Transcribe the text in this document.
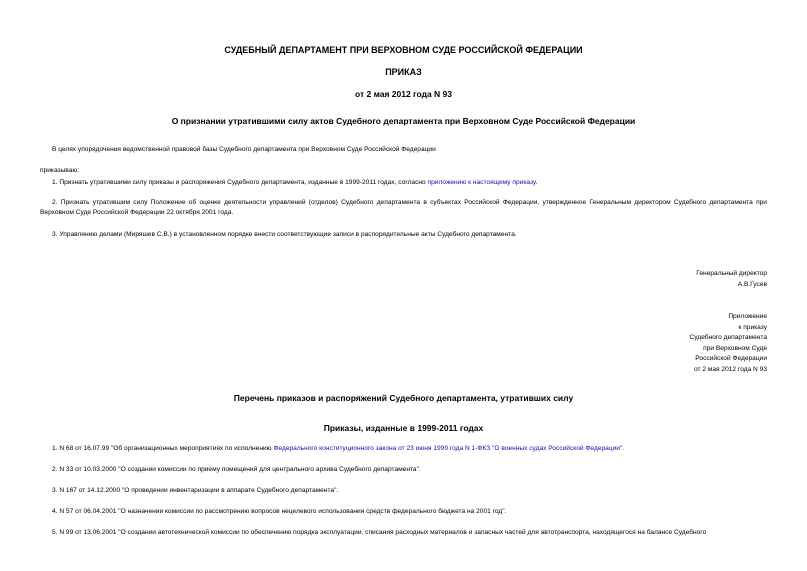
СУДЕБНЫЙ ДЕПАРТАМЕНТ ПРИ ВЕРХОВНОМ СУДЕ РОССИЙСКОЙ ФЕДЕРАЦИИ
ПРИКАЗ
от 2 мая 2012 года N 93
О признании утратившими силу актов Судебного департамента при Верховном Суде Российской Федерации
В целях упорядочения ведомственной правовой базы Судебного департамента при Верховном Суде Российской Федерации
приказываю:
1. Признать утратившими силу приказы и распоряжения Судебного департамента, изданные в 1999-2011 годах, согласно приложению к настоящему приказу.
2. Признать утратившим силу Положение об оценке деятельности управлений (отделов) Судебного департамента в субъектах Российской Федерации, утвержденное Генеральным директором Судебного департамента при Верховном Суде Российской Федерации 22 октября 2001 года.
3. Управлению делами (Миряшев С.В.) в установленном порядке внести соответствующие записи в распорядительные акты Судебного департамента.
Генеральный директор
А.В.Гусев
Приложение
к приказу
Судебного департамента
при Верховном Суде
Российской Федерации
от 2 мая 2012 года N 93
Перечень приказов и распоряжений Судебного департамента, утративших силу
Приказы, изданные в 1999-2011 годах
1. N 68 от 16.07.99 "Об организационных мероприятиях по исполнению Федерального конституционного закона от 23 июня 1999 года N 1-ФКЗ "О военных судах Российской Федерации".
2. N 33 от 10.03.2000 "О создании комиссии по приему помещений для центрального архива Судебного департамента".
3. N 167 от 14.12.2000 "О проведении инвентаризации в аппарате Судебного департамента".
4. N 57 от 06.04.2001 "О назначении комиссии по рассмотрению вопросов нецелевого использования средств федерального бюджета на 2001 год".
5. N 99 от 13.06.2001 "О создании автотехнической комиссии по обеспечению порядка эксплуатации, списания расходных материалов и запасных частей для автотранспорта, находящегося на балансе Судебного
